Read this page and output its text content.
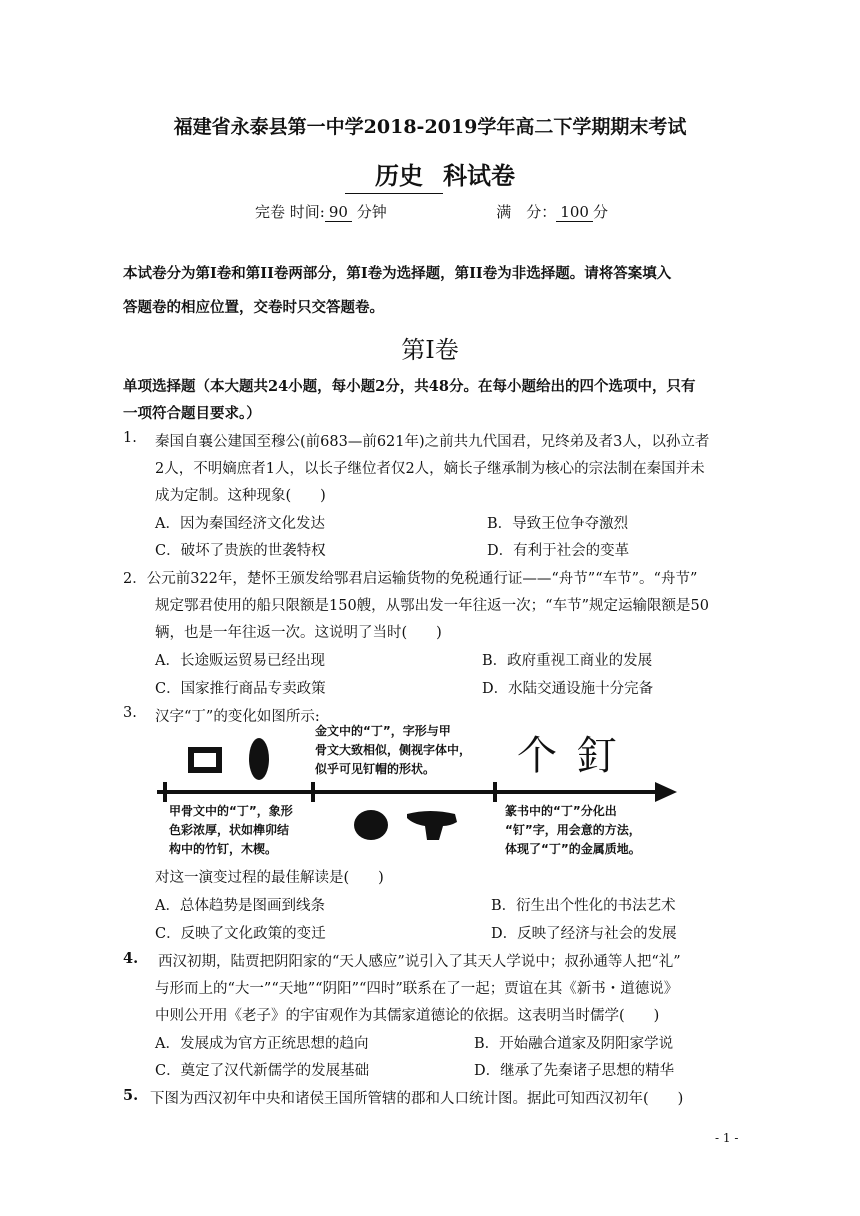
福建省永泰县第一中学2018-2019学年高二下学期期末考试
历史 科试卷
完卷 时间: 90 分钟	满　分： 100 分
本试卷分为第Ⅰ卷和第II卷两部分，第Ⅰ卷为选择题，第II卷为非选择题。请将答案填入
答题卷的相应位置，交卷时只交答题卷。
第Ⅰ卷
单项选择题（本大题共24小题，每小题2分，共48分。在每小题给出的四个选项中，只有
一项符合题目要求。）
1. 秦国自襄公建国至穆公(前683—前621年)之前共九代国君，兄终弟及者3人，以孙立者
2人，不明嫡庶者1人，以长子继位者仅2人，嫡长子继承制为核心的宗法制在秦国并未
成为定制。这种现象(　　)
A．因为秦国经济文化发达	B．导致王位争夺激烈
C．破坏了贵族的世袭特权	D．有利于社会的变革
2．公元前322年，楚怀王颁发给鄂君启运输货物的免税通行证——“舟节”“车节”。“舟节”
规定鄂君使用的船只限额是150艘，从鄂出发一年往返一次；“车节”规定运输限额是50
辆，也是一年往返一次。这说明了当时(　　)
A．长途贩运贸易已经出现	B．政府重视工商业的发展
C．国家推行商品专卖政策	D．水陆交通设施十分完备
3. 汉字“丁”的变化如图所示:
金文中的“丁”，字形与甲
骨文大致相似，侧视字体中，
似乎可见钉帽的形状。	个 釘
甲骨文中的“丁”，象形
色彩浓厚，状如榫卯结
构中的竹钉，木楔。
篆书中的“丁”分化出
“钉”字，用会意的方法，
体现了“丁”的金属质地。
对这一演变过程的最佳解读是(　　)
A．总体趋势是图画到线条	B．衍生出个性化的书法艺术
C．反映了文化政策的变迁	D．反映了经济与社会的发展
4. 西汉初期，陆贾把阴阳家的“天人感应”说引入了其天人学说中；叔孙通等人把“礼”
与形而上的“大一”“天地”“阴阳”“四时”联系在了一起；贾谊在其《新书・道德说》
中则公开用《老子》的宇宙观作为其儒家道德论的依据。这表明当时儒学(　　)
A．发展成为官方正统思想的趋向	B．开始融合道家及阴阳家学说
C．奠定了汉代新儒学的发展基础	D．继承了先秦诸子思想的精华
5. 下图为西汉初年中央和诸侯王国所管辖的郡和人口统计图。据此可知西汉初年(　　)
- 1 -
